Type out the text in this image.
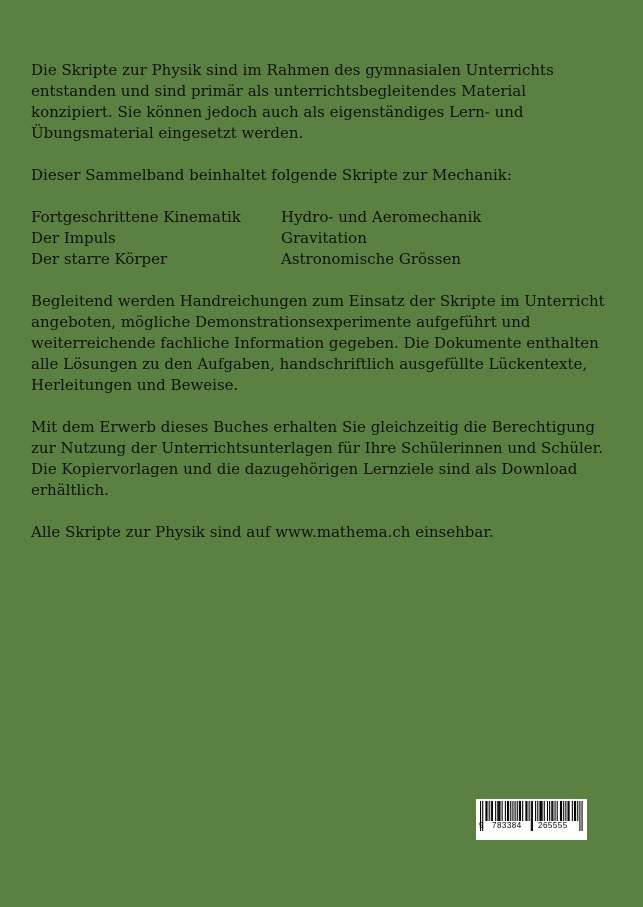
Die Skripte zur Physik sind im Rahmen des gymnasialen Unterrichts entstanden und sind primär als unterrichtsbegleitendes Material konzipiert. Sie können jedoch auch als eigenständiges Lern- und Übungsmaterial eingesetzt werden.

Dieser Sammelband beinhaltet folgende Skripte zur Mechanik:

Fortgeschrittene Kinematik	Hydro- und Aeromechanik
Der Impuls	Gravitation
Der starre Körper	Astronomische Grössen

Begleitend werden Handreichungen zum Einsatz der Skripte im Unterricht angeboten, mögliche Demonstrationsexperimente aufgeführt und weiterreichende fachliche Information gegeben. Die Dokumente enthalten alle Lösungen zu den Aufgaben, handschriftlich ausgefüllte Lückentexte, Herleitungen und Beweise.

Mit dem Erwerb dieses Buches erhalten Sie gleichzeitig die Berechtigung zur Nutzung der Unterrichtsunterlagen für Ihre Schülerinnen und Schüler. Die Kopiervorlagen und die dazugehörigen Lernziele sind als Download erhältlich.

Alle Skripte zur Physik sind auf www.mathema.ch einsehbar.

9 783384 265555
